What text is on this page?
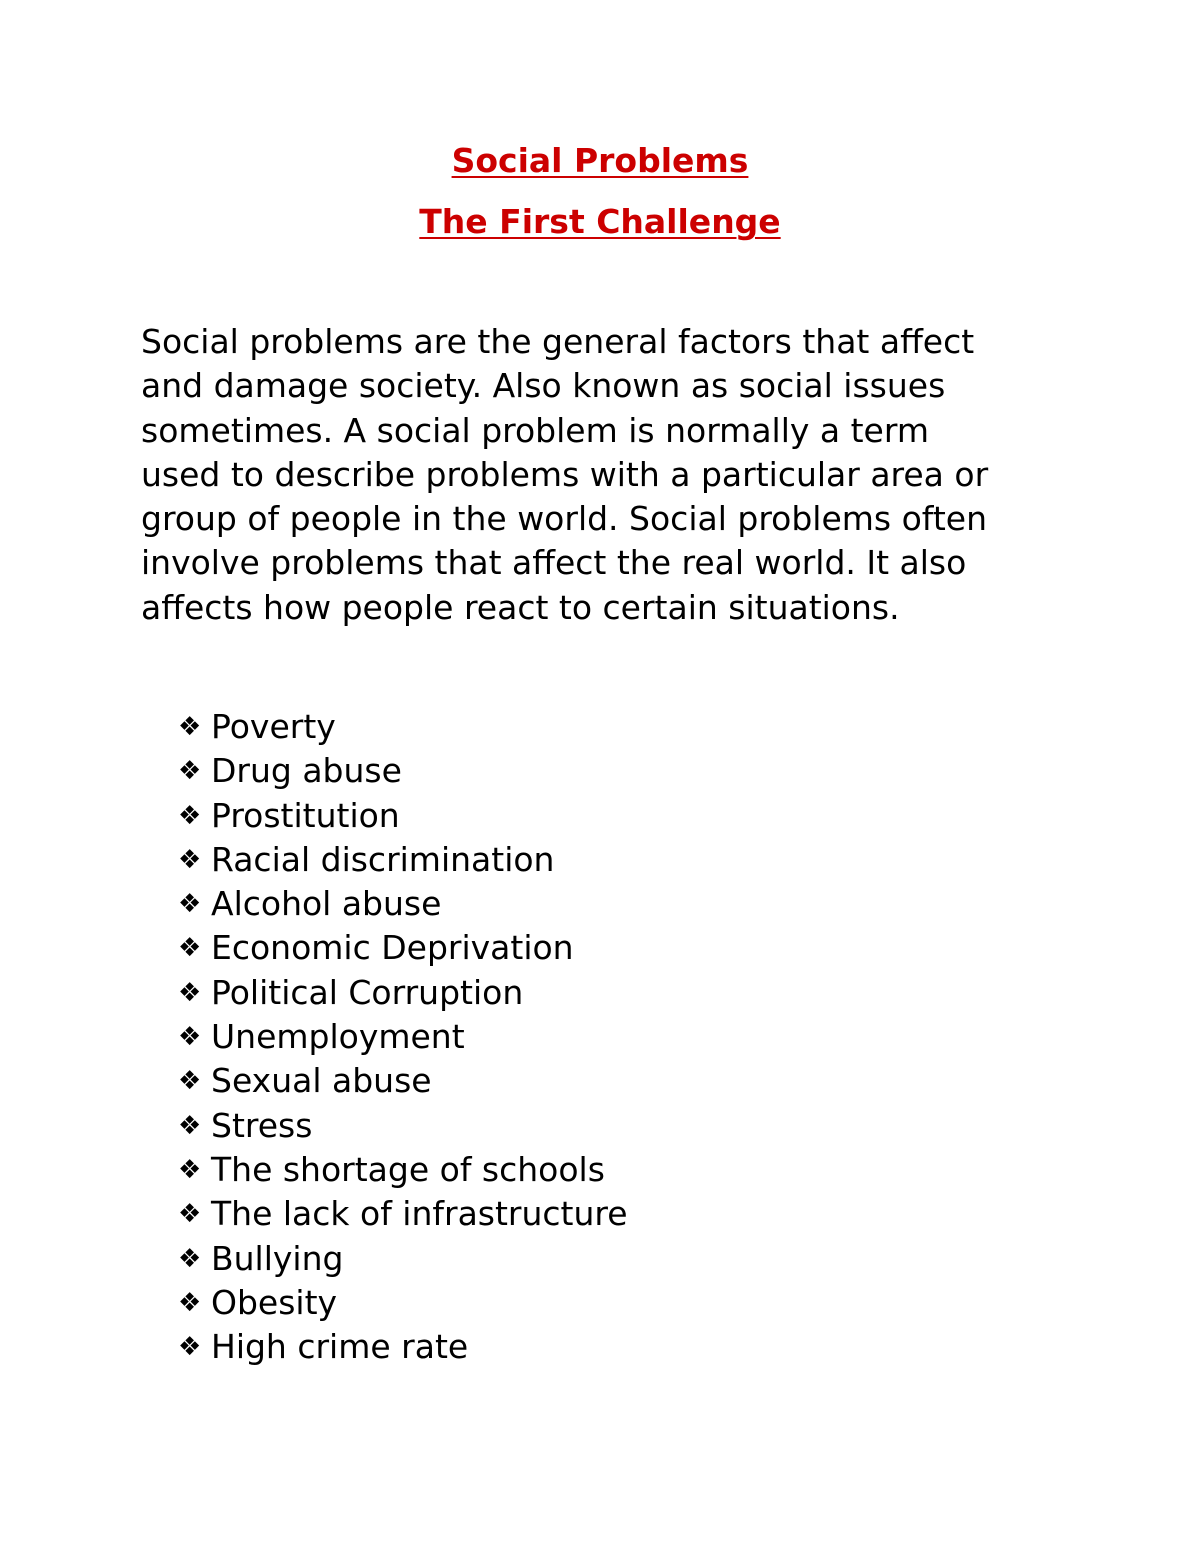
Social Problems
The First Challenge

Social problems are the general factors that affect
and damage society. Also known as social issues
sometimes. A social problem is normally a term
used to describe problems with a particular area or
group of people in the world. Social problems often
involve problems that affect the real world. It also
affects how people react to certain situations.

❖ Poverty
❖ Drug abuse
❖ Prostitution
❖ Racial discrimination
❖ Alcohol abuse
❖ Economic Deprivation
❖ Political Corruption
❖ Unemployment
❖ Sexual abuse
❖ Stress
❖ The shortage of schools
❖ The lack of infrastructure
❖ Bullying
❖ Obesity
❖ High crime rate
